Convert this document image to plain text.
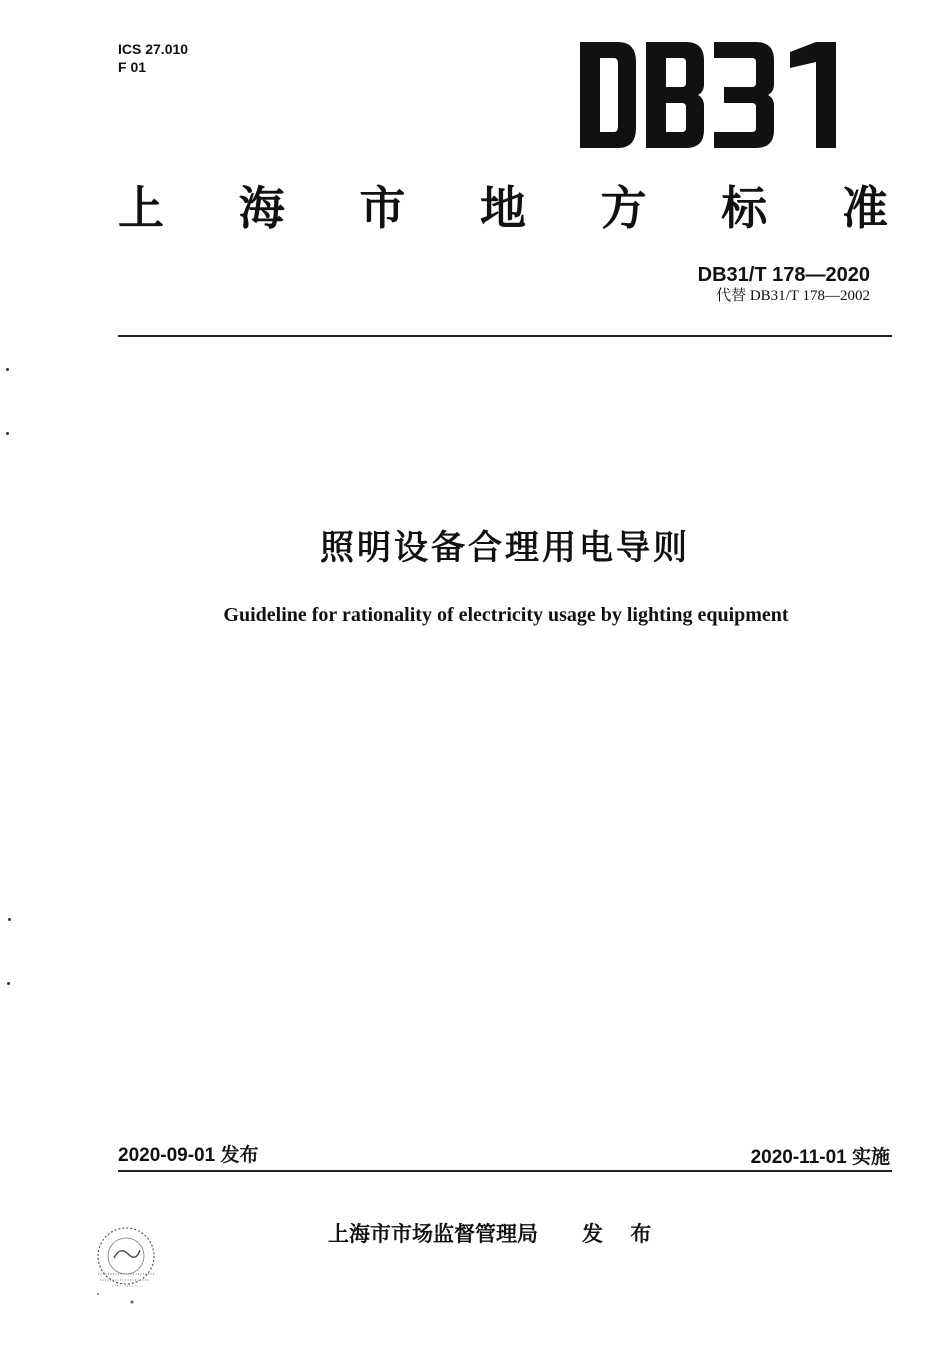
ICS 27.010
F 01
上 海 市 地 方 标 准
DB31/T 178—2020
代替 DB31/T 178—2002
照明设备合理用电导则
Guideline for rationality of electricity usage by lighting equipment
2020-09-01 发布	2020-11-01 实施
上海市市场监督管理局 发 布
